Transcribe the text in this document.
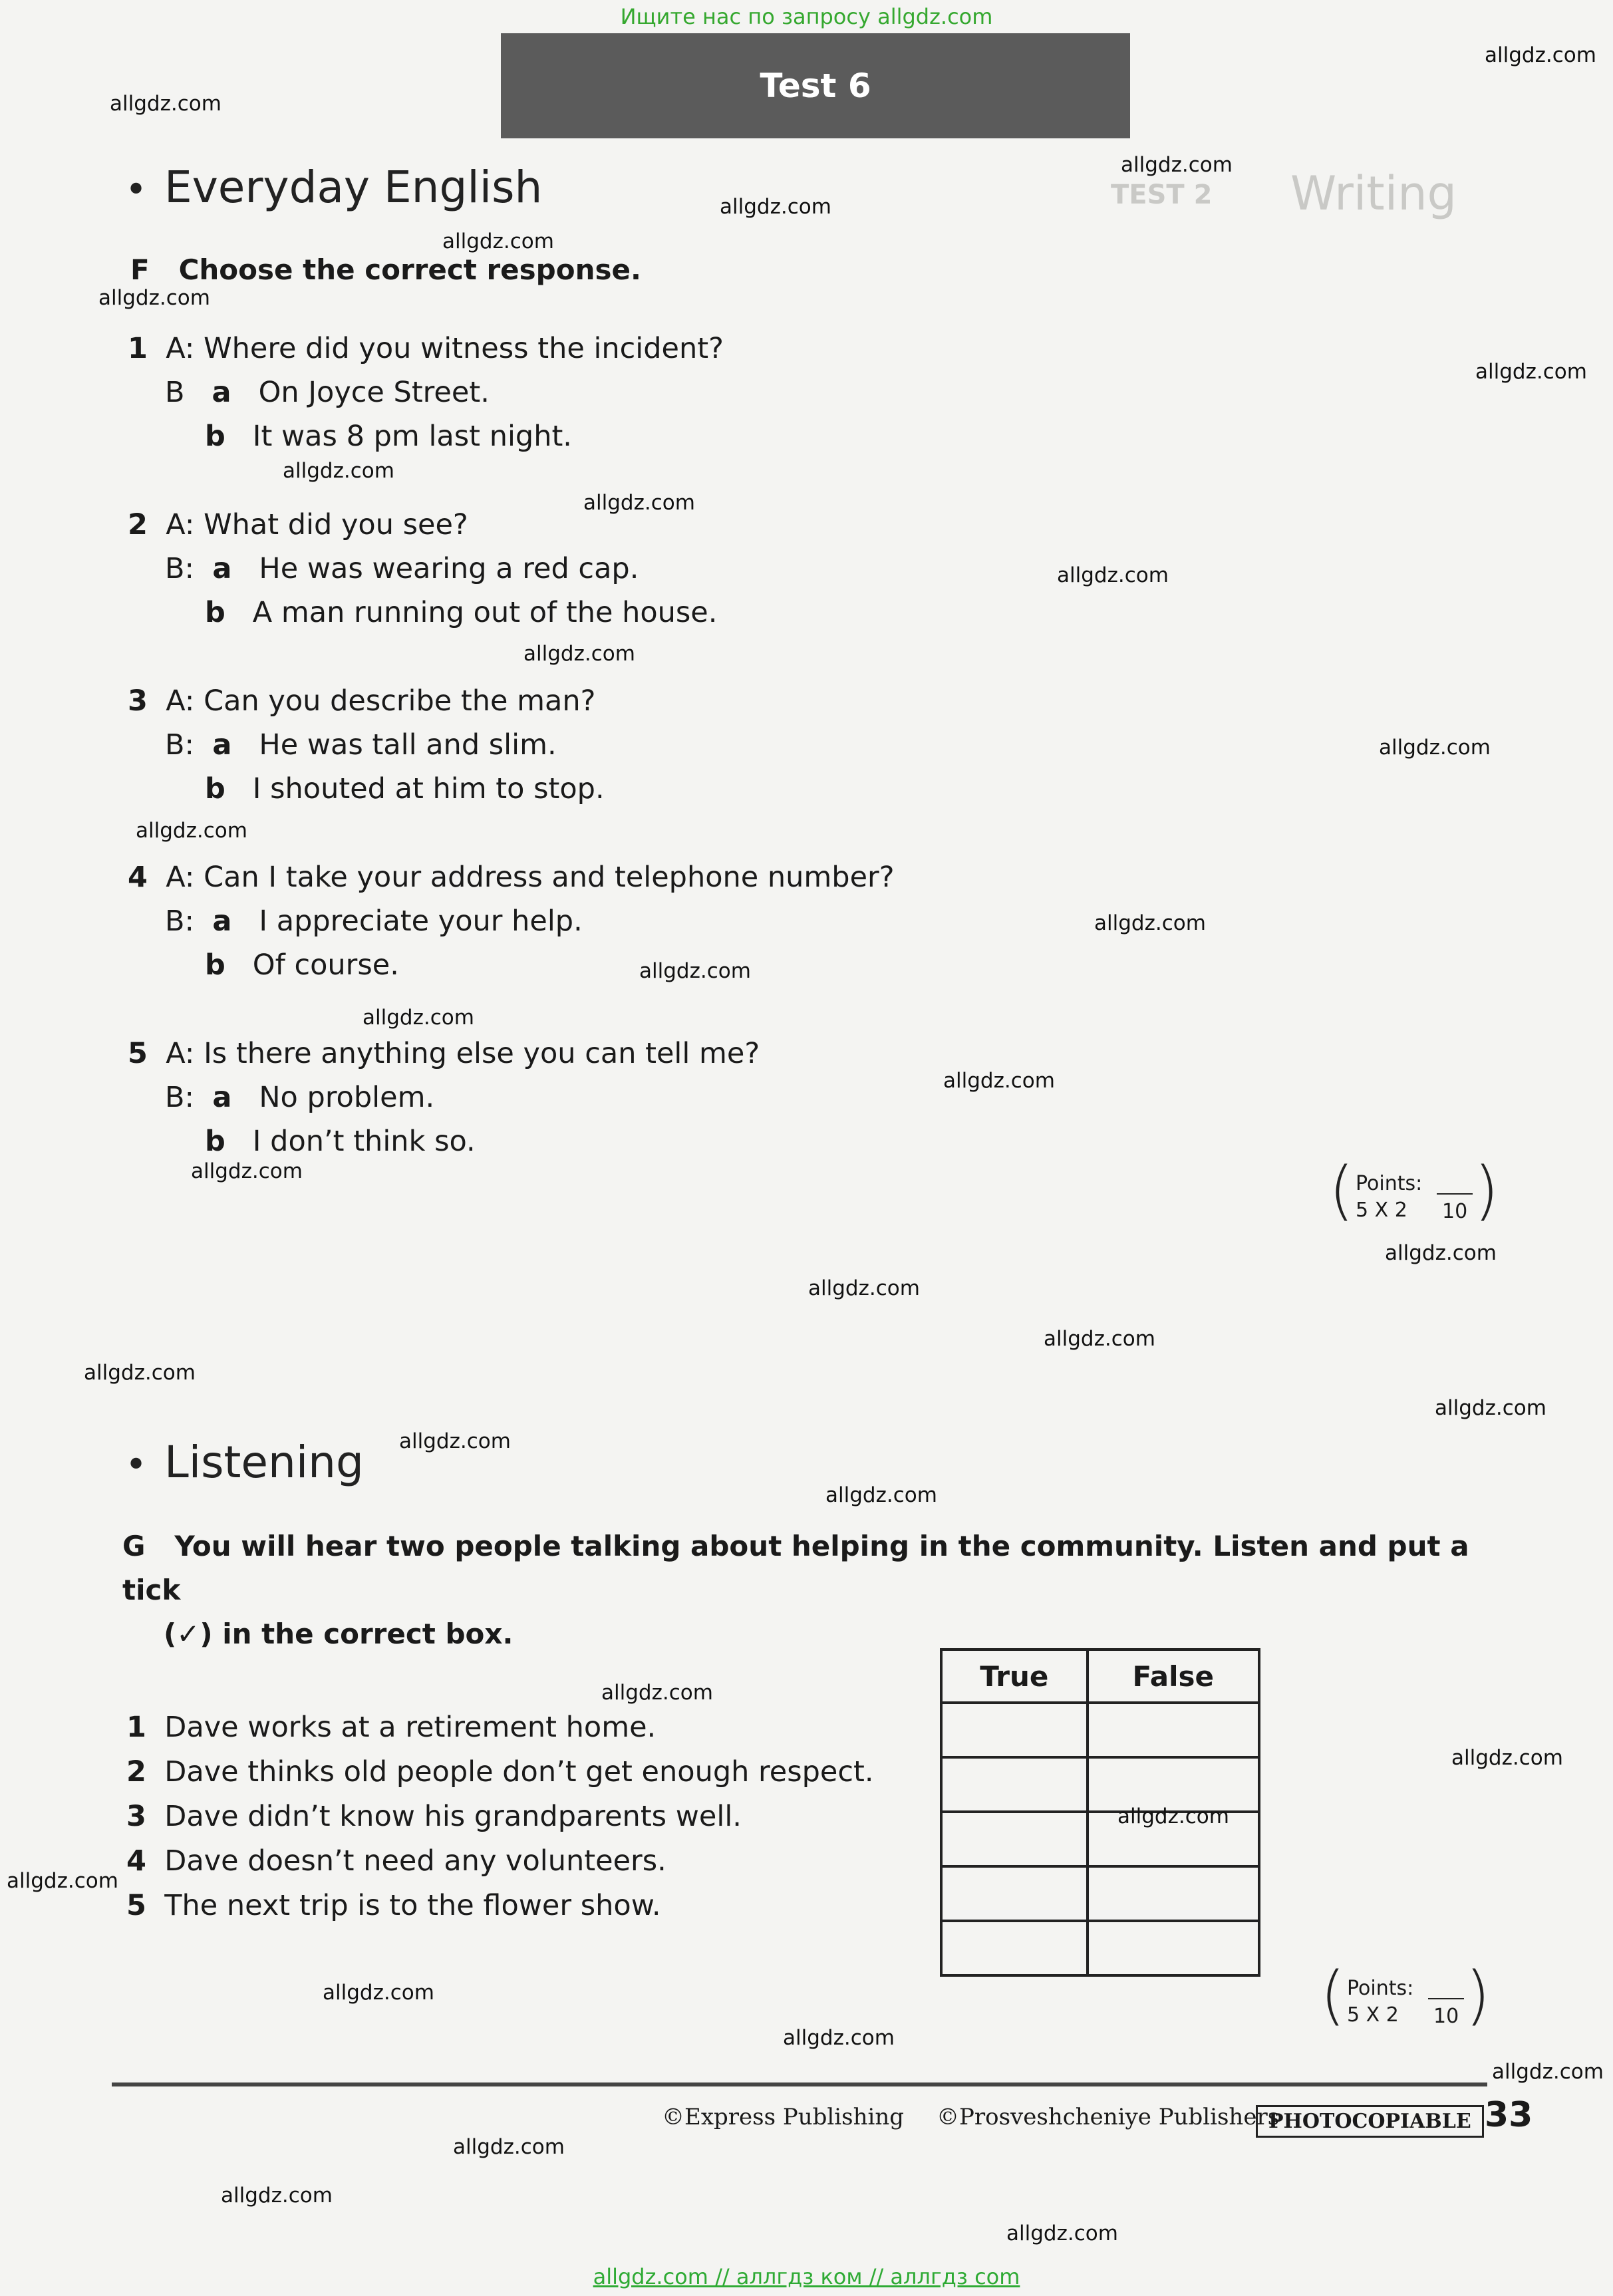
Ищите нас по запросу allgdz.com
Test 6
Writing
TEST 2
• Everyday English
F Choose the correct response.
1 A: Where did you witness the incident?
B a On Joyce Street.
b It was 8 pm last night.
2 A: What did you see?
B: a He was wearing a red cap.
b A man running out of the house.
3 A: Can you describe the man?
B: a He was tall and slim.
b I shouted at him to stop.
4 A: Can I take your address and telephone number?
B: a I appreciate your help.
b Of course.
5 A: Is there anything else you can tell me?
B: a No problem.
b I don’t think so.
( Points:
5 X 2 10 )
• Listening
G You will hear two people talking about helping in the community. Listen and put a tick
(✓) in the correct box.
1 Dave works at a retirement home.
2 Dave thinks old people don’t get enough respect.
3 Dave didn’t know his grandparents well.
4 Dave doesn’t need any volunteers.
5 The next trip is to the flower show.
True	False

( Points:
5 X 2 10 )
©Express Publishing ©Prosveshcheniye Publishers
PHOTOCOPIABLE 33
allgdz.com
allgdz.com
allgdz.com
allgdz.com
allgdz.com
allgdz.com
allgdz.com
allgdz.com
allgdz.com
allgdz.com
allgdz.com
allgdz.com
allgdz.com
allgdz.com
allgdz.com
allgdz.com
allgdz.com
allgdz.com
allgdz.com
allgdz.com
allgdz.com
allgdz.com
allgdz.com
allgdz.com
allgdz.com
allgdz.com
allgdz.com
allgdz.com
allgdz.com
allgdz.com
allgdz.com
allgdz.com
allgdz.com
allgdz.com
allgdz.com
allgdz.com // аллгдз ком // аллгдз com
